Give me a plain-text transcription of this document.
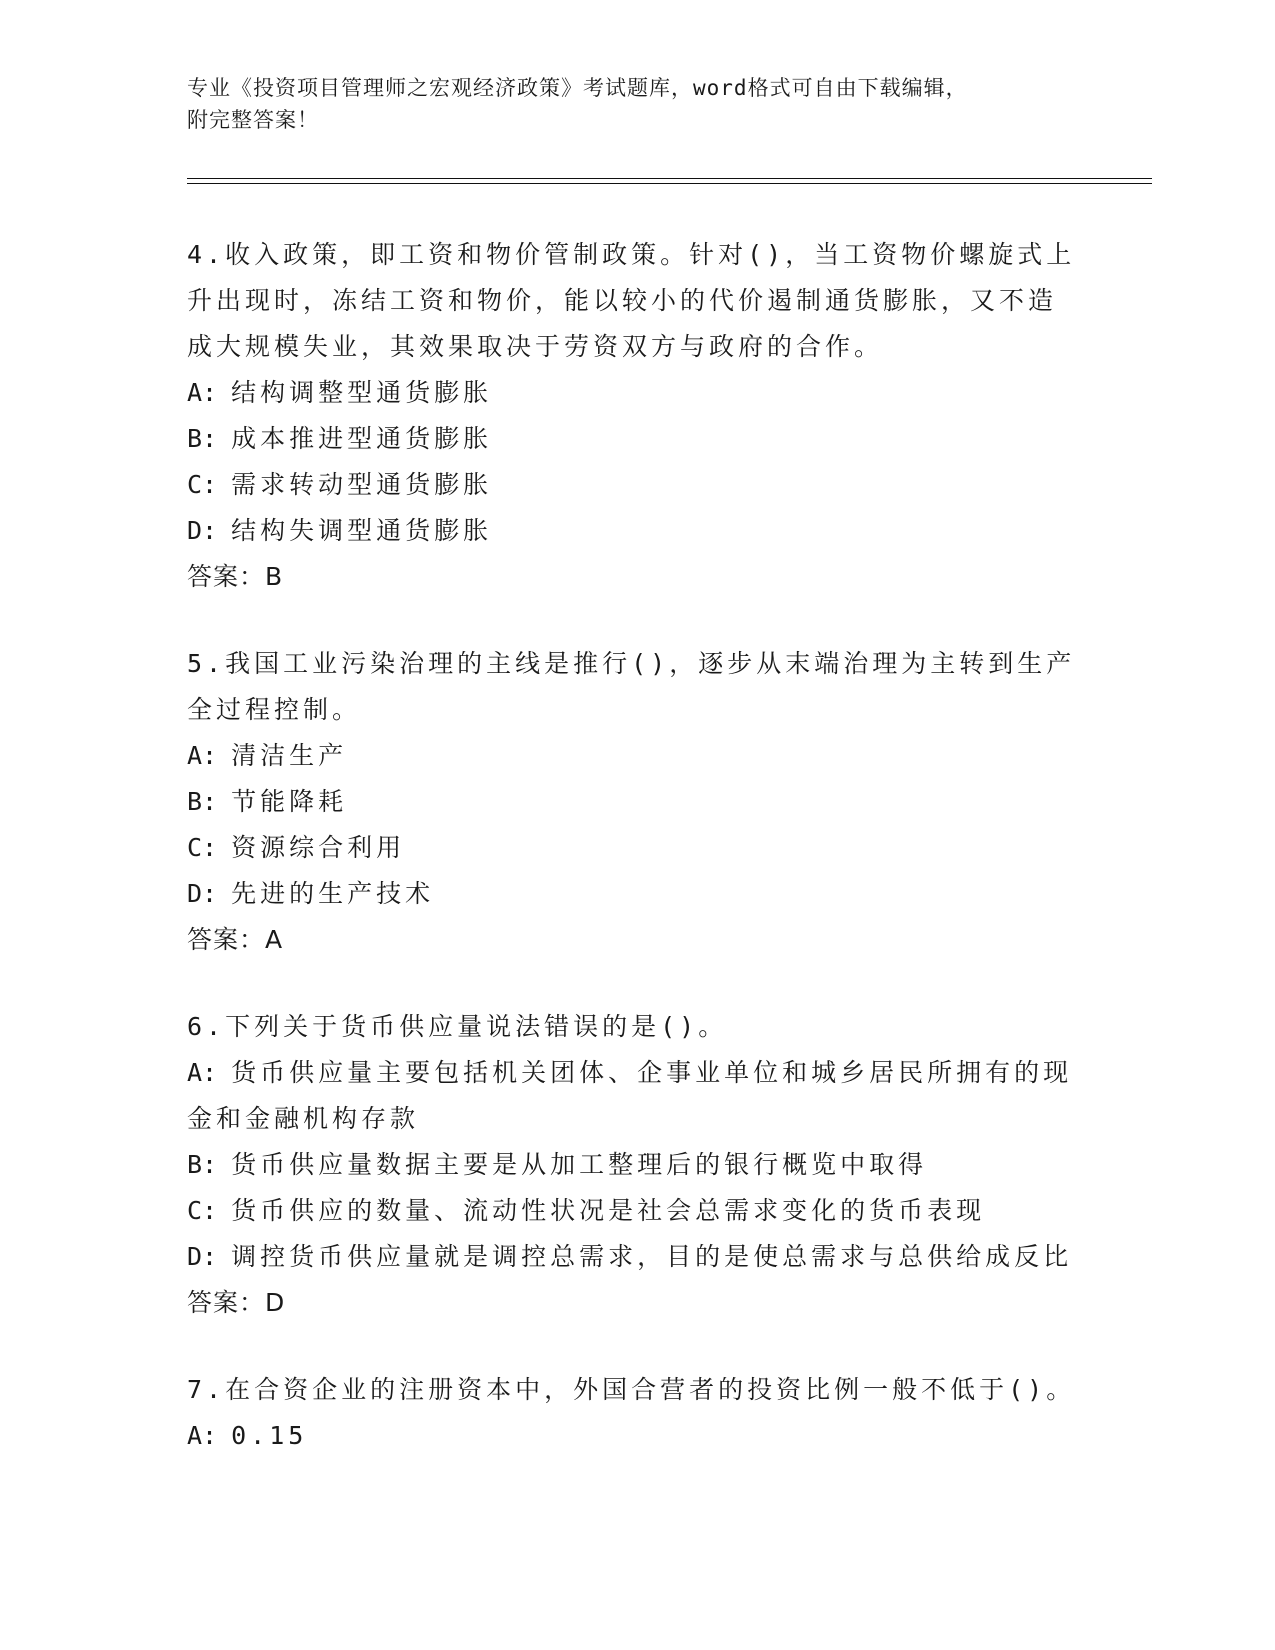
专业《投资项目管理师之宏观经济政策》考试题库，word格式可自由下载编辑，
附完整答案！
4.收入政策，即工资和物价管制政策。针对()，当工资物价螺旋式上
升出现时，冻结工资和物价，能以较小的代价遏制通货膨胀，又不造
成大规模失业，其效果取决于劳资双方与政府的合作。
A: 结构调整型通货膨胀
B: 成本推进型通货膨胀
C: 需求转动型通货膨胀
D: 结构失调型通货膨胀
答案：B
5.我国工业污染治理的主线是推行()，逐步从末端治理为主转到生产
全过程控制。
A: 清洁生产
B: 节能降耗
C: 资源综合利用
D: 先进的生产技术
答案：A
6.下列关于货币供应量说法错误的是()。
A: 货币供应量主要包括机关团体、企事业单位和城乡居民所拥有的现
金和金融机构存款
B: 货币供应量数据主要是从加工整理后的银行概览中取得
C: 货币供应的数量、流动性状况是社会总需求变化的货币表现
D: 调控货币供应量就是调控总需求，目的是使总需求与总供给成反比
答案：D
7.在合资企业的注册资本中，外国合营者的投资比例一般不低于()。
A: 0.15
